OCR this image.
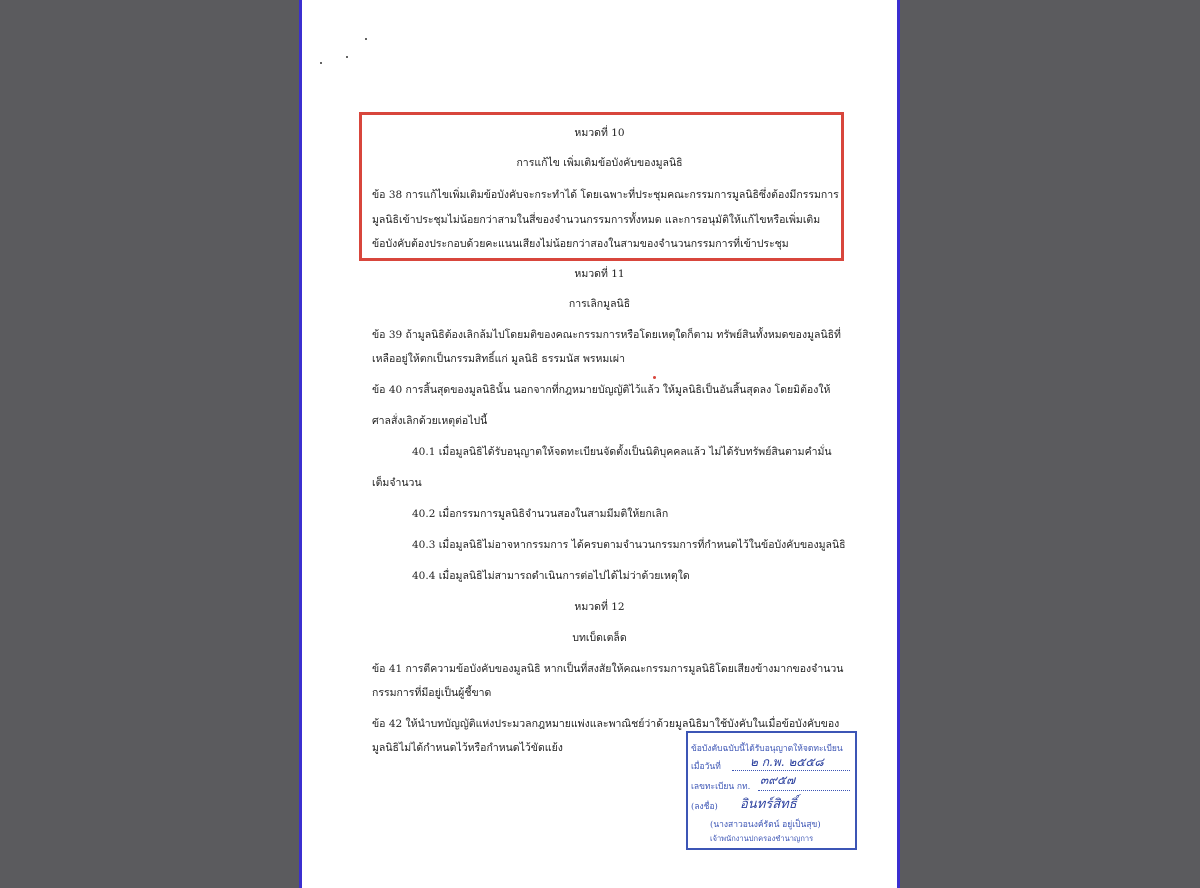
หมวดที่ 10
การแก้ไข เพิ่มเติมข้อบังคับของมูลนิธิ
ข้อ 38 การแก้ไขเพิ่มเติมข้อบังคับจะกระทำได้ โดยเฉพาะที่ประชุมคณะกรรมการมูลนิธิซึ่งต้องมีกรรมการ
มูลนิธิเข้าประชุมไม่น้อยกว่าสามในสี่ของจำนวนกรรมการทั้งหมด และการอนุมัติให้แก้ไขหรือเพิ่มเติม
ข้อบังคับต้องประกอบด้วยคะแนนเสียงไม่น้อยกว่าสองในสามของจำนวนกรรมการที่เข้าประชุม
หมวดที่ 11
การเลิกมูลนิธิ
ข้อ 39 ถ้ามูลนิธิต้องเลิกล้มไปโดยมติของคณะกรรมการหรือโดยเหตุใดก็ตาม ทรัพย์สินทั้งหมดของมูลนิธิที่
เหลืออยู่ให้ตกเป็นกรรมสิทธิ์แก่ มูลนิธิ ธรรมนัส พรหมเผ่า
ข้อ 40 การสิ้นสุดของมูลนิธินั้น นอกจากที่กฎหมายบัญญัติไว้แล้ว ให้มูลนิธิเป็นอันสิ้นสุดลง โดยมิต้องให้
ศาลสั่งเลิกด้วยเหตุต่อไปนี้
40.1 เมื่อมูลนิธิได้รับอนุญาตให้จดทะเบียนจัดตั้งเป็นนิติบุคคลแล้ว ไม่ได้รับทรัพย์สินตามคำมั่น
เต็มจำนวน
40.2 เมื่อกรรมการมูลนิธิจำนวนสองในสามมีมติให้ยกเลิก
40.3 เมื่อมูลนิธิไม่อาจหากรรมการ ได้ครบตามจำนวนกรรมการที่กำหนดไว้ในข้อบังคับของมูลนิธิ
40.4 เมื่อมูลนิธิไม่สามารถดำเนินการต่อไปได้ไม่ว่าด้วยเหตุใด
หมวดที่ 12
บทเบ็ดเตล็ด
ข้อ 41 การตีความข้อบังคับของมูลนิธิ หากเป็นที่สงสัยให้คณะกรรมการมูลนิธิโดยเสียงข้างมากของจำนวน
กรรมการที่มีอยู่เป็นผู้ชี้ขาด
ข้อ 42 ให้นำบทบัญญัติแห่งประมวลกฎหมายแพ่งและพาณิชย์ว่าด้วยมูลนิธิมาใช้บังคับในเมื่อข้อบังคับของ
มูลนิธิไม่ได้กำหนดไว้หรือกำหนดไว้ขัดแย้ง	ข้อบังคับฉบับนี้ได้รับอนุญาตให้จดทะเบียน
เมื่อวันที่ ๒ ก.พ. ๒๕๕๘
เลขทะเบียน กท. ๓๙๕๗
(ลงชื่อ) อินทร์สิทธิ์
(นางสาวอนงค์รัตน์ อยู่เป็นสุข)
เจ้าพนักงานปกครองชำนาญการ
